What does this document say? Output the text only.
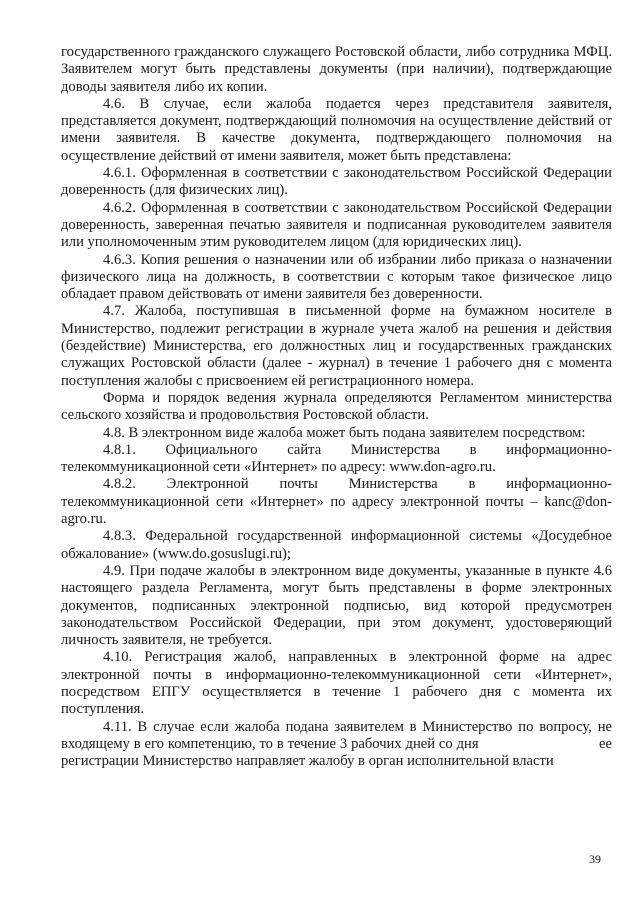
государственного гражданского служащего Ростовской области, либо сотрудника МФЦ. Заявителем могут быть представлены документы (при наличии), подтверждающие доводы заявителя либо их копии.

4.6. В случае, если жалоба подается через представителя заявителя, представляется документ, подтверждающий полномочия на осуществление действий от имени заявителя. В качестве документа, подтверждающего полномочия на осуществление действий от имени заявителя, может быть представлена:

4.6.1. Оформленная в соответствии с законодательством Российской Федерации доверенность (для физических лиц).

4.6.2. Оформленная в соответствии с законодательством Российской Федерации доверенность, заверенная печатью заявителя и подписанная руководителем заявителя или уполномоченным этим руководителем лицом (для юридических лиц).

4.6.3. Копия решения о назначении или об избрании либо приказа о назначении физического лица на должность, в соответствии с которым такое физическое лицо обладает правом действовать от имени заявителя без доверенности.

4.7. Жалоба, поступившая в письменной форме на бумажном носителе в Министерство, подлежит регистрации в журнале учета жалоб на решения и действия (бездействие) Министерства, его должностных лиц и государственных гражданских служащих Ростовской области (далее - журнал) в течение 1 рабочего дня с момента поступления жалобы с присвоением ей регистрационного номера.

Форма и порядок ведения журнала определяются Регламентом министерства сельского хозяйства и продовольствия Ростовской области.

4.8. В электронном виде жалоба может быть подана заявителем посредством:

4.8.1. Официального сайта Министерства в информационно-телекоммуникационной сети «Интернет» по адресу: www.don-agro.ru.

4.8.2. Электронной почты Министерства в информационно-телекоммуникационной сети «Интернет» по адресу электронной почты – kanc@don-agro.ru.

4.8.3. Федеральной государственной информационной системы «Досудебное обжалование» (www.do.gosuslugi.ru);

4.9. При подаче жалобы в электронном виде документы, указанные в пункте 4.6 настоящего раздела Регламента, могут быть представлены в форме электронных документов, подписанных электронной подписью, вид которой предусмотрен законодательством Российской Федерации, при этом документ, удостоверяющий личность заявителя, не требуется.

4.10. Регистрация жалоб, направленных в электронной форме на адрес электронной почты в информационно-телекоммуникационной сети «Интернет», посредством ЕПГУ осуществляется в течение 1 рабочего дня с момента их поступления.

4.11. В случае если жалоба подана заявителем в Министерство по вопросу, не входящему в его компетенцию, то в течение 3 рабочих дней со дня                               ее регистрации Министерство направляет жалобу в орган исполнительной власти

39
